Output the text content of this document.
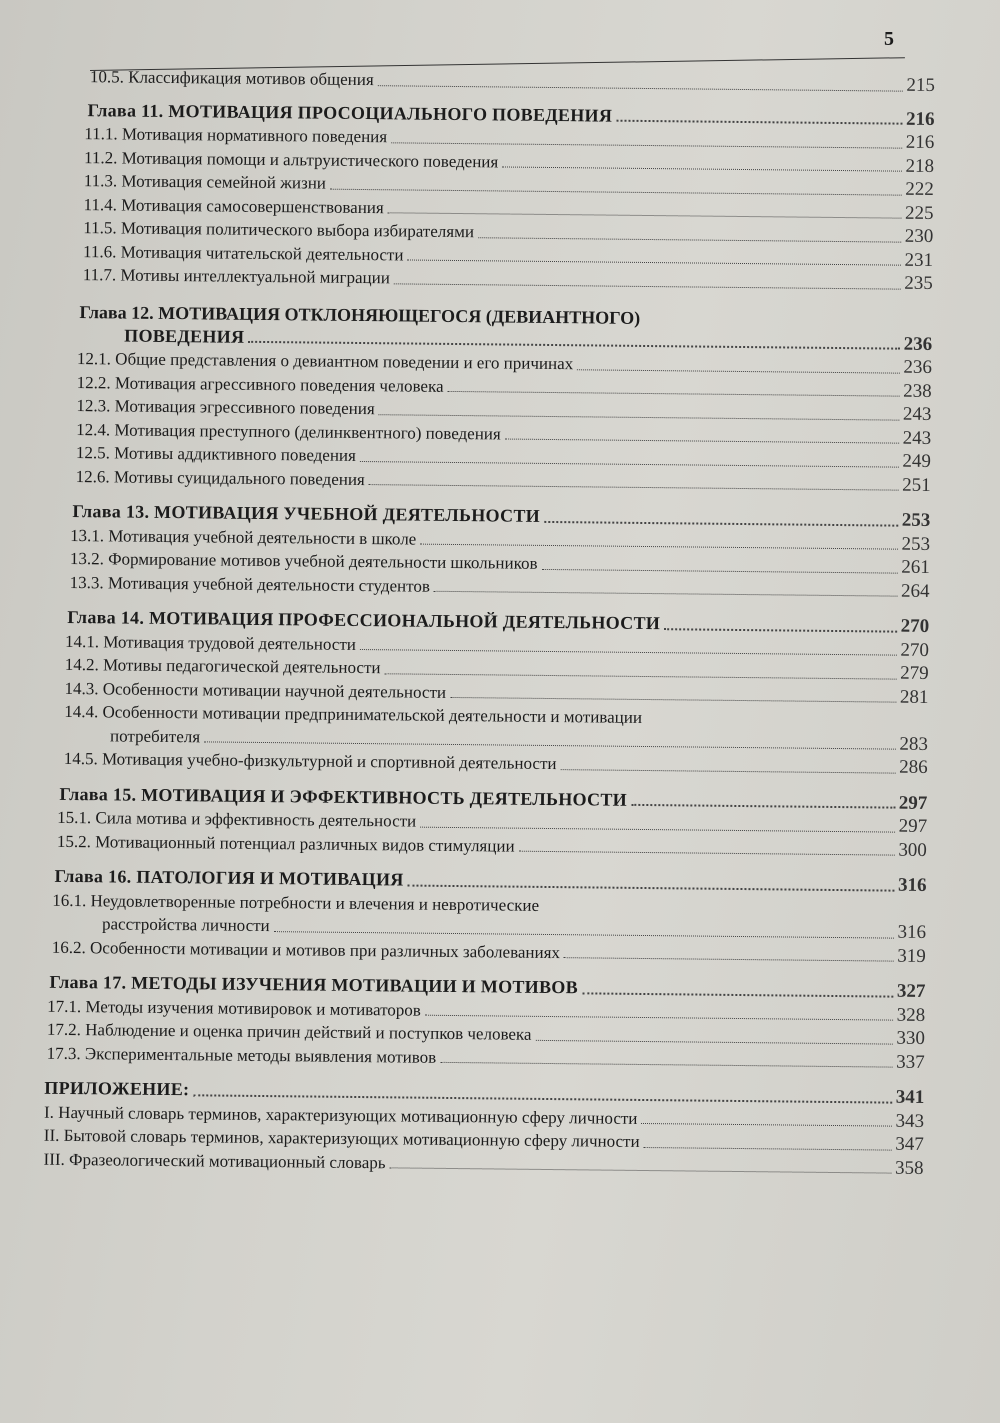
5
10.5. Классификация мотивов общения	215
Глава 11. МОТИВАЦИЯ ПРОСОЦИАЛЬНОГО ПОВЕДЕНИЯ	216
11.1. Мотивация нормативного поведения	216
11.2. Мотивация помощи и альтруистического поведения	218
11.3. Мотивация семейной жизни	222
11.4. Мотивация самосовершенствования	225
11.5. Мотивация политического выбора избирателями	230
11.6. Мотивация читательской деятельности	231
11.7. Мотивы интеллектуальной миграции	235
Глава 12. МОТИВАЦИЯ ОТКЛОНЯЮЩЕГОСЯ (ДЕВИАНТНОГО)
ПОВЕДЕНИЯ	236
12.1. Общие представления о девиантном поведении и его причинах	236
12.2. Мотивация агрессивного поведения человека	238
12.3. Мотивация эгрессивного поведения	243
12.4. Мотивация преступного (делинквентного) поведения	243
12.5. Мотивы аддиктивного поведения	249
12.6. Мотивы суицидального поведения	251
Глава 13. МОТИВАЦИЯ УЧЕБНОЙ ДЕЯТЕЛЬНОСТИ	253
13.1. Мотивация учебной деятельности в школе	253
13.2. Формирование мотивов учебной деятельности школьников	261
13.3. Мотивация учебной деятельности студентов	264
Глава 14. МОТИВАЦИЯ ПРОФЕССИОНАЛЬНОЙ ДЕЯТЕЛЬНОСТИ	270
14.1. Мотивация трудовой деятельности	270
14.2. Мотивы педагогической деятельности	279
14.3. Особенности мотивации научной деятельности	281
14.4. Особенности мотивации предпринимательской деятельности и мотивации
потребителя	283
14.5. Мотивация учебно-физкультурной и спортивной деятельности	286
Глава 15. МОТИВАЦИЯ И ЭФФЕКТИВНОСТЬ ДЕЯТЕЛЬНОСТИ	297
15.1. Сила мотива и эффективность деятельности	297
15.2. Мотивационный потенциал различных видов стимуляции	300
Глава 16. ПАТОЛОГИЯ И МОТИВАЦИЯ	316
16.1. Неудовлетворенные потребности и влечения и невротические
расстройства личности	316
16.2. Особенности мотивации и мотивов при различных заболеваниях	319
Глава 17. МЕТОДЫ ИЗУЧЕНИЯ МОТИВАЦИИ И МОТИВОВ	327
17.1. Методы изучения мотивировок и мотиваторов	328
17.2. Наблюдение и оценка причин действий и поступков человека	330
17.3. Экспериментальные методы выявления мотивов	337
ПРИЛОЖЕНИЕ:	341
I. Научный словарь терминов, характеризующих мотивационную сферу личности	343
II. Бытовой словарь терминов, характеризующих мотивационную сферу личности	347
III. Фразеологический мотивационный словарь	358
